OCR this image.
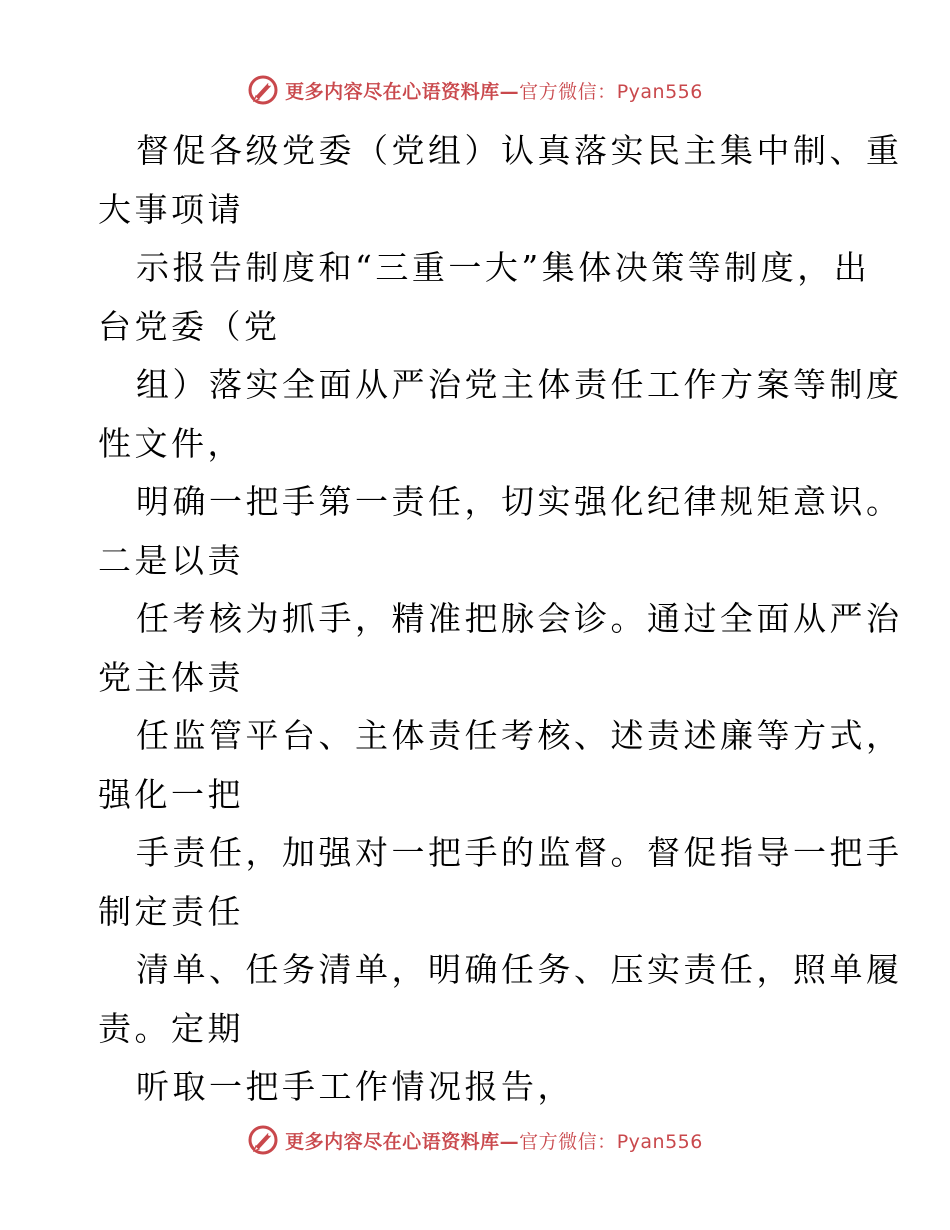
更多内容尽在心语资料库—官方微信：Pyan556
督促各级党委（党组）认真落实民主集中制、重
大事项请
示报告制度和“三重一大”集体决策等制度，出
台党委（党
组）落实全面从严治党主体责任工作方案等制度
性文件，
明确一把手第一责任，切实强化纪律规矩意识。
二是以责
任考核为抓手，精准把脉会诊。通过全面从严治
党主体责
任监管平台、主体责任考核、述责述廉等方式，
强化一把
手责任，加强对一把手的监督。督促指导一把手
制定责任
清单、任务清单，明确任务、压实责任，照单履
责。定期
听取一把手工作情况报告，
更多内容尽在心语资料库—官方微信：Pyan556
